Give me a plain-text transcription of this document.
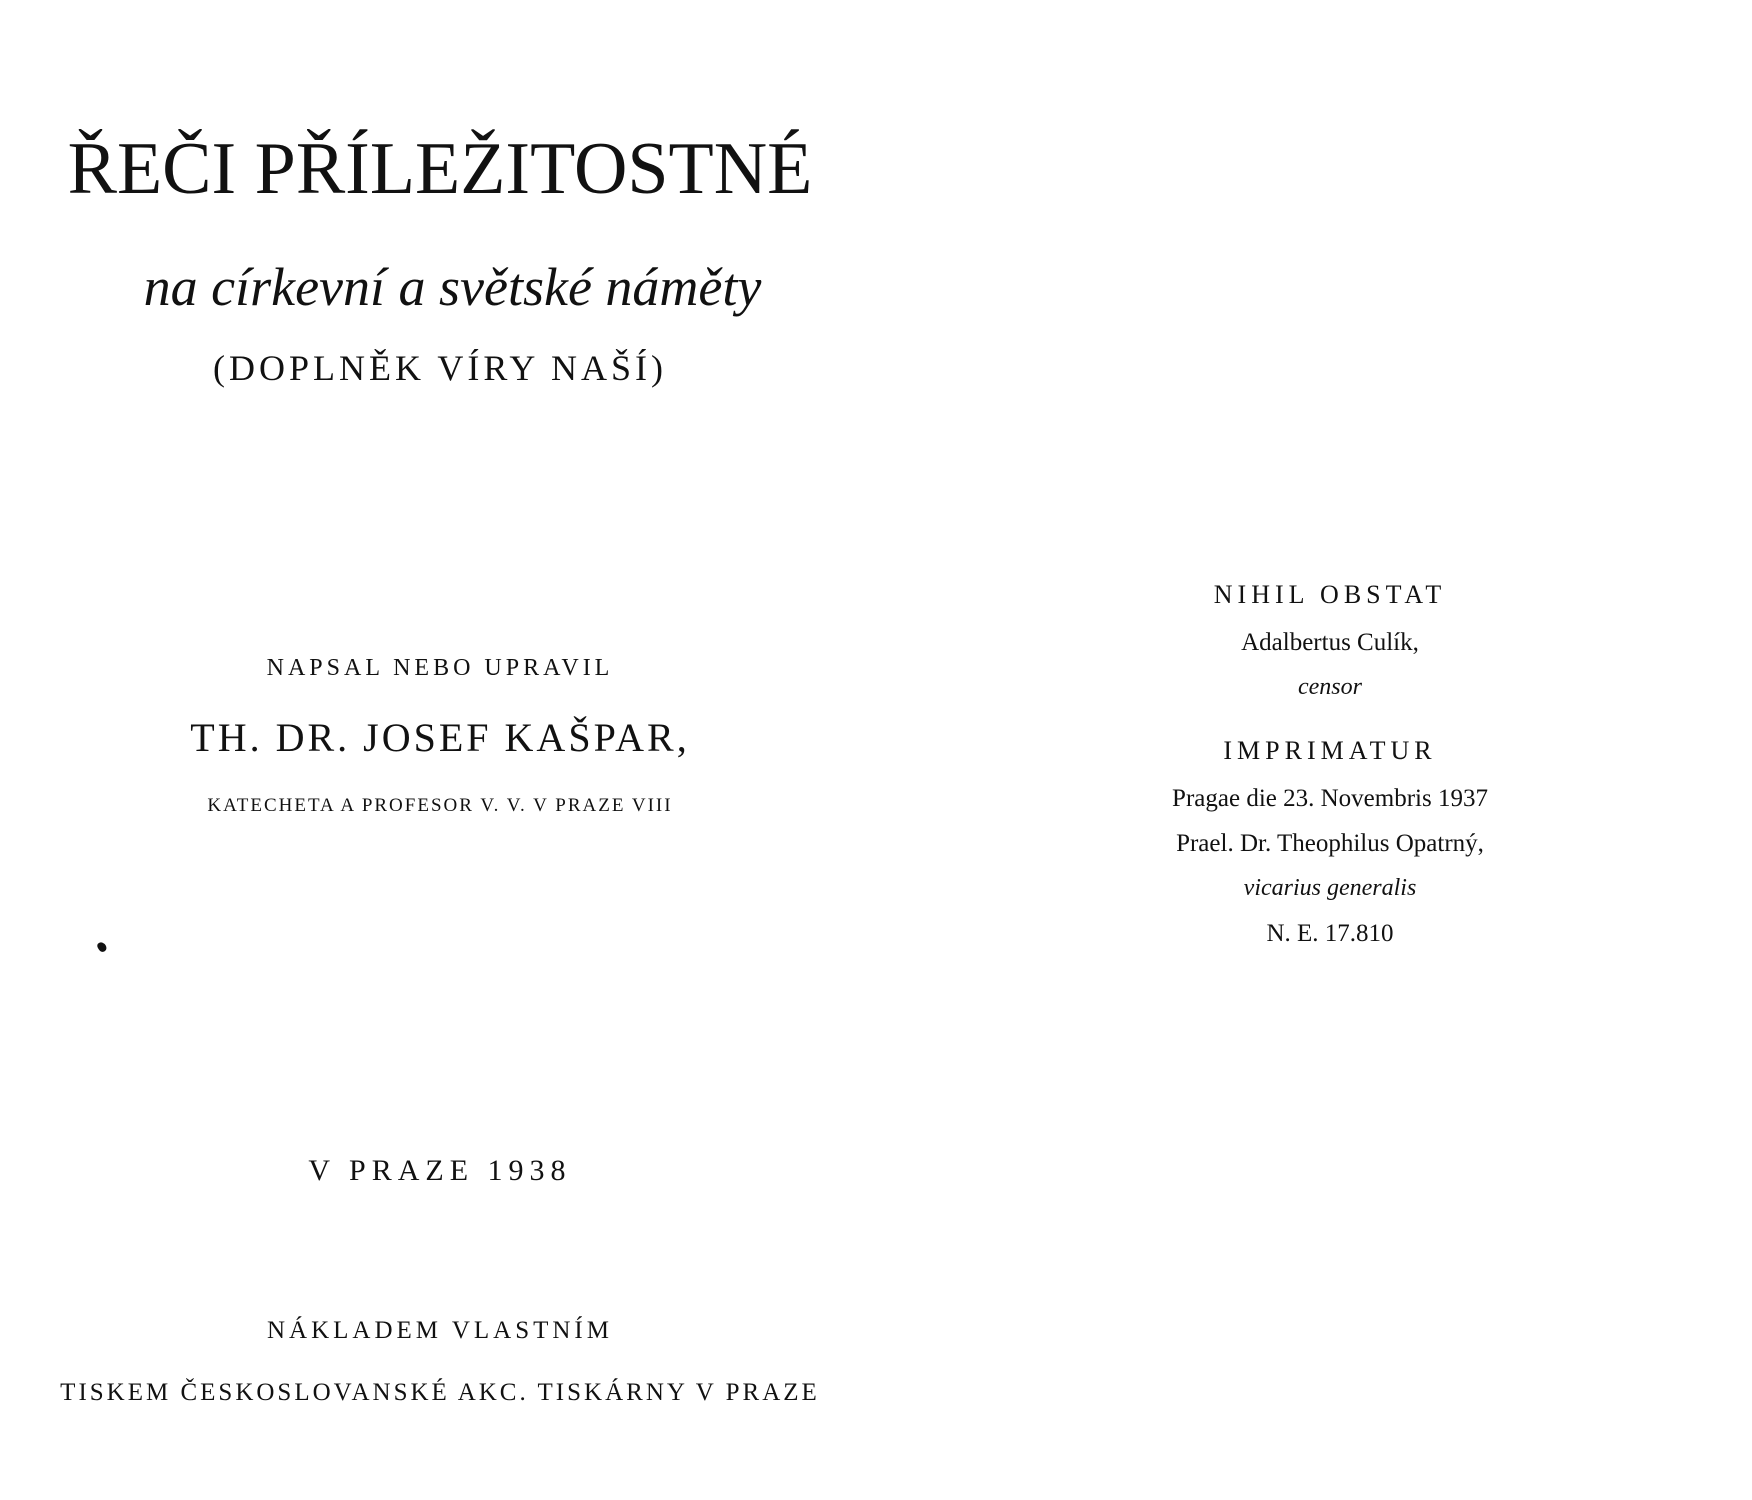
ŘEČI PŘÍLEŽITOSTNÉ
na církevní a světské náměty
(DOPLNĚK VÍRY NAŠÍ)
NAPSAL NEBO UPRAVIL
TH. DR. JOSEF KAŠPAR,
KATECHETA A PROFESOR V. V. V PRAZE VIII
V PRAZE 1938
NÁKLADEM VLASTNÍM
TISKEM ČESKOSLOVANSKÉ AKC. TISKÁRNY V PRAZE
NIHIL OBSTAT
Adalbertus Culík,
censor
IMPRIMATUR
Pragae die 23. Novembris 1937
Prael. Dr. Theophilus Opatrný,
vicarius generalis
N. E. 17.810
